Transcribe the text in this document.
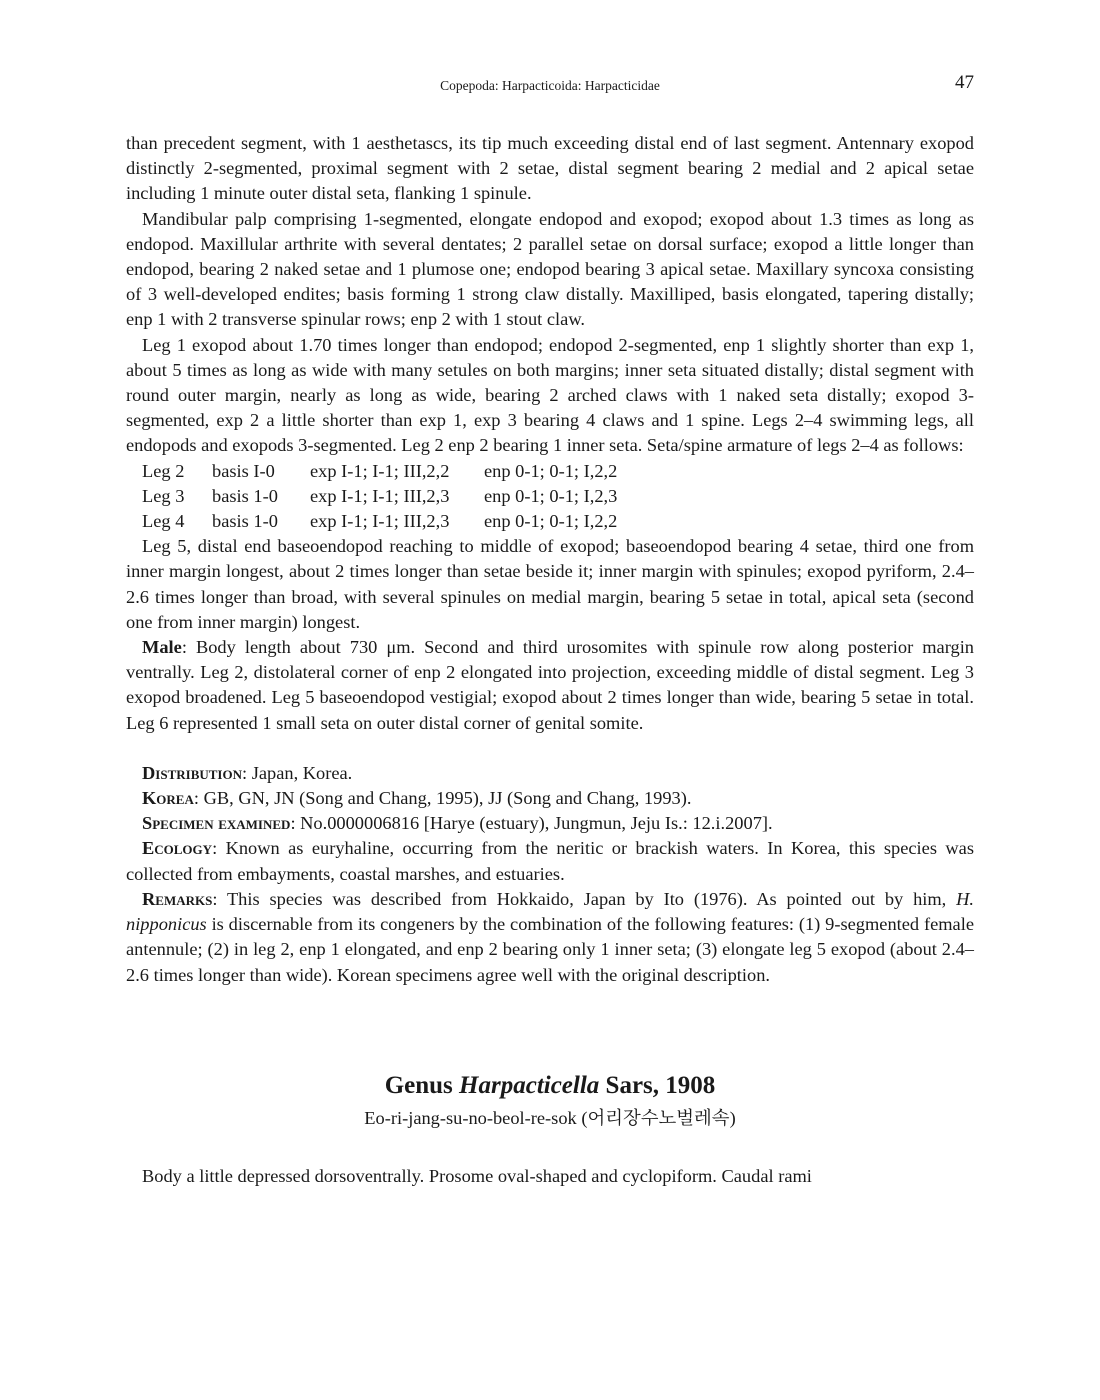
Copepoda: Harpacticoida: Harpacticidae	47

than precedent segment, with 1 aesthetascs, its tip much exceeding distal end of last segment. Antennary exopod distinctly 2-segmented, proximal segment with 2 setae, distal segment bearing 2 medial and 2 apical setae including 1 minute outer distal seta, flanking 1 spinule.

Mandibular palp comprising 1-segmented, elongate endopod and exopod; exopod about 1.3 times as long as endopod. Maxillular arthrite with several dentates; 2 parallel setae on dorsal surface; exopod a little longer than endopod, bearing 2 naked setae and 1 plumose one; endopod bearing 3 apical setae. Maxillary syncoxa consisting of 3 well-developed endites; basis forming 1 strong claw distally. Maxilliped, basis elongated, tapering distally; enp 1 with 2 transverse spinular rows; enp 2 with 1 stout claw.

Leg 1 exopod about 1.70 times longer than endopod; endopod 2-segmented, enp 1 slightly shorter than exp 1, about 5 times as long as wide with many setules on both margins; inner seta situated distally; distal segment with round outer margin, nearly as long as wide, bearing 2 arched claws with 1 naked seta distally; exopod 3-segmented, exp 2 a little shorter than exp 1, exp 3 bearing 4 claws and 1 spine. Legs 2–4 swimming legs, all endopods and exopods 3-segmented. Leg 2 enp 2 bearing 1 inner seta. Seta/spine armature of legs 2–4 as follows:

Leg 2	basis I-0	exp I-1; I-1; III,2,2	enp 0-1; 0-1; I,2,2
Leg 3	basis 1-0	exp I-1; I-1; III,2,3	enp 0-1; 0-1; I,2,3
Leg 4	basis 1-0	exp I-1; I-1; III,2,3	enp 0-1; 0-1; I,2,2

Leg 5, distal end baseoendopod reaching to middle of exopod; baseoendopod bearing 4 setae, third one from inner margin longest, about 2 times longer than setae beside it; inner margin with spinules; exopod pyriform, 2.4–2.6 times longer than broad, with several spinules on medial margin, bearing 5 setae in total, apical seta (second one from inner margin) longest.

Male: Body length about 730 μm. Second and third urosomites with spinule row along posterior margin ventrally. Leg 2, distolateral corner of enp 2 elongated into projection, exceeding middle of distal segment. Leg 3 exopod broadened. Leg 5 baseoendopod vestigial; exopod about 2 times longer than wide, bearing 5 setae in total. Leg 6 represented 1 small seta on outer distal corner of genital somite.

Distribution: Japan, Korea.

Korea: GB, GN, JN (Song and Chang, 1995), JJ (Song and Chang, 1993).

Specimen examined: No.0000006816 [Harye (estuary), Jungmun, Jeju Is.: 12.i.2007].

Ecology: Known as euryhaline, occurring from the neritic or brackish waters. In Korea, this species was collected from embayments, coastal marshes, and estuaries.

Remarks: This species was described from Hokkaido, Japan by Ito (1976). As pointed out by him, H. nipponicus is discernable from its congeners by the combination of the following features: (1) 9-segmented female antennule; (2) in leg 2, enp 1 elongated, and enp 2 bearing only 1 inner seta; (3) elongate leg 5 exopod (about 2.4–2.6 times longer than wide). Korean specimens agree well with the original description.

Genus Harpacticella Sars, 1908
Eo-ri-jang-su-no-beol-re-sok (어리장수노벌레속)

Body a little depressed dorsoventrally. Prosome oval-shaped and cyclopiform. Caudal rami
